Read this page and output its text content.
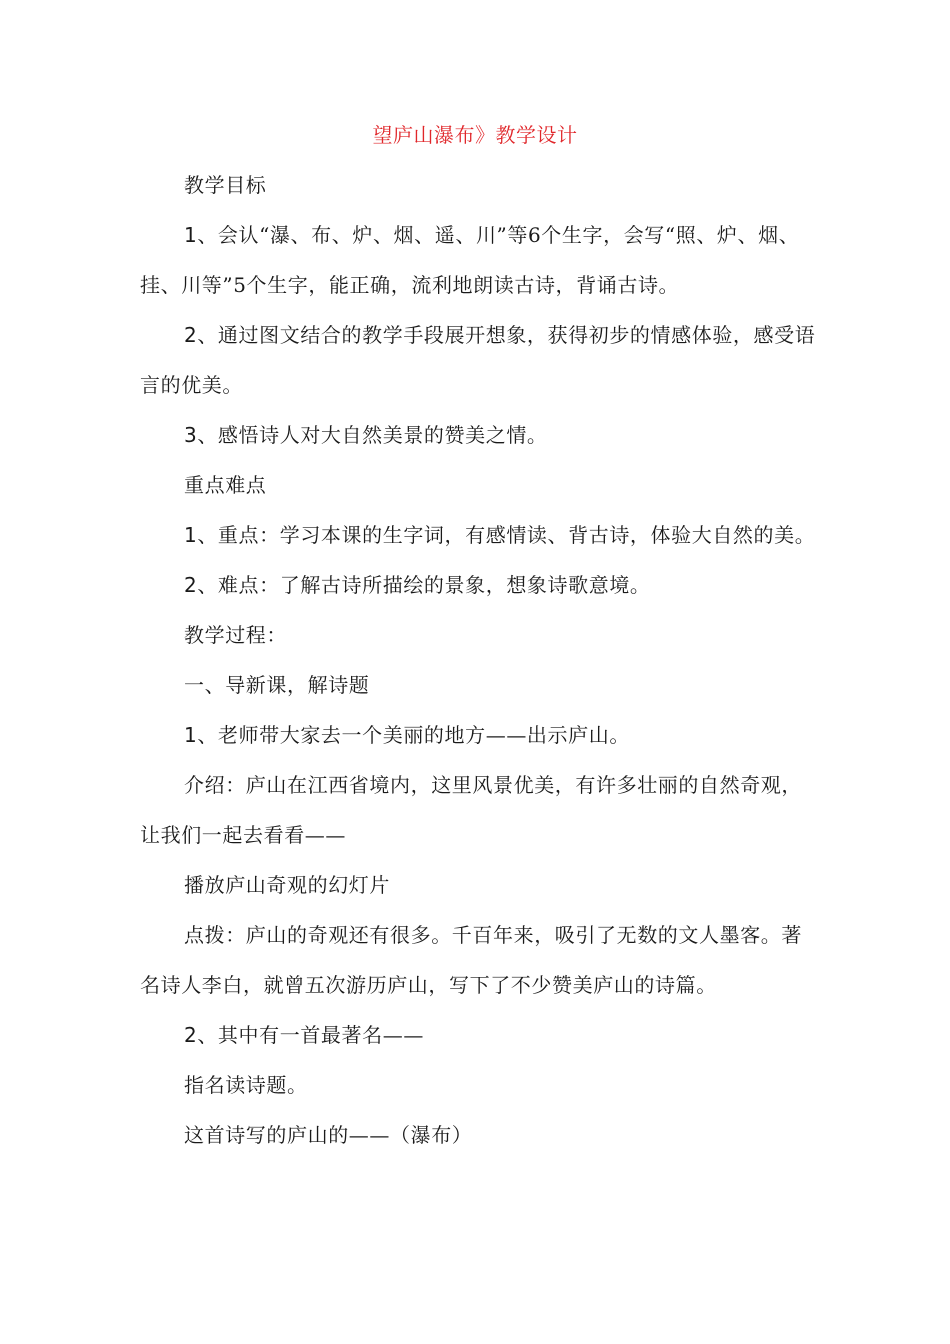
望庐山瀑布》教学设计

教学目标

1、会认“瀑、布、炉、烟、遥、川”等6个生字，会写“照、炉、烟、挂、川等”5个生字，能正确，流利地朗读古诗，背诵古诗。

2、通过图文结合的教学手段展开想象，获得初步的情感体验，感受语言的优美。

3、感悟诗人对大自然美景的赞美之情。

重点难点

1、重点：学习本课的生字词，有感情读、背古诗，体验大自然的美。

2、难点：了解古诗所描绘的景象，想象诗歌意境。

教学过程：

一、导新课，解诗题

1、老师带大家去一个美丽的地方——出示庐山。

介绍：庐山在江西省境内，这里风景优美，有许多壮丽的自然奇观，让我们一起去看看——

播放庐山奇观的幻灯片

点拨：庐山的奇观还有很多。千百年来，吸引了无数的文人墨客。著名诗人李白，就曾五次游历庐山，写下了不少赞美庐山的诗篇。

2、其中有一首最著名——

指名读诗题。

这首诗写的庐山的——（瀑布）
